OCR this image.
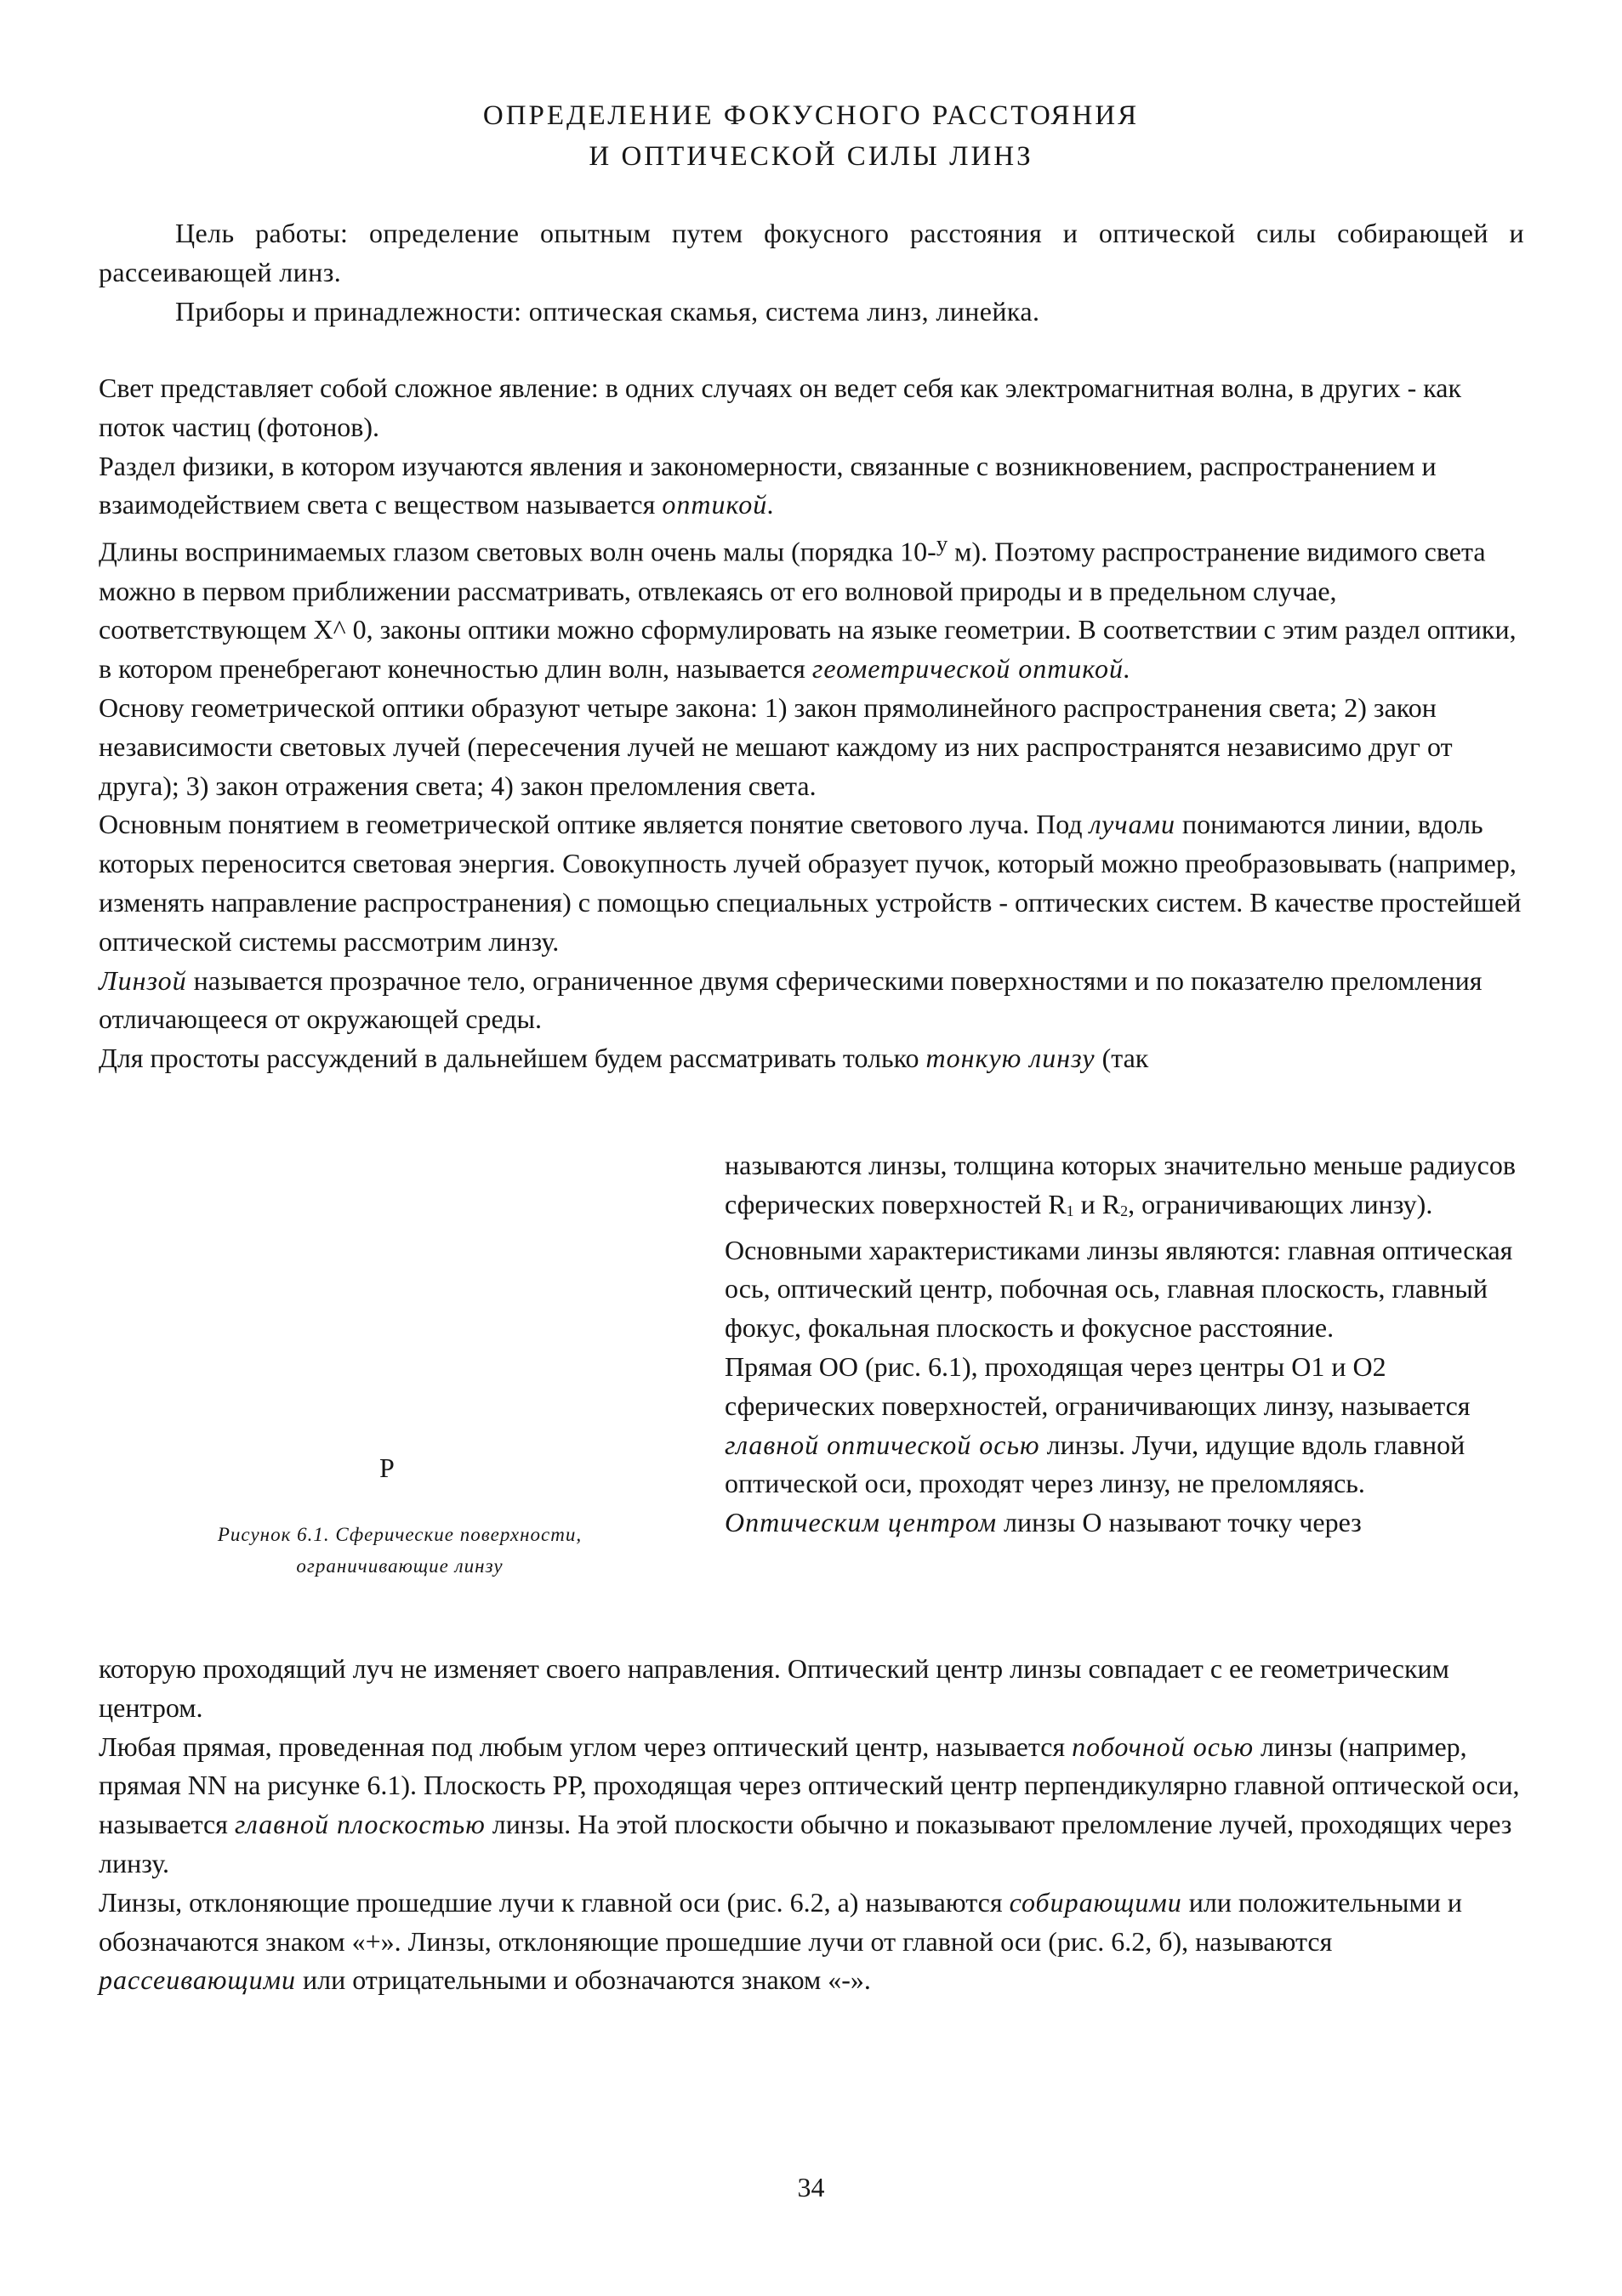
ОПРЕДЕЛЕНИЕ ФОКУСНОГО РАССТОЯНИЯ
И ОПТИЧЕСКОЙ СИЛЫ ЛИНЗ

Цель работы: определение опытным путем фокусного расстояния и оптической силы собирающей и рассеивающей линз.

Приборы и принадлежности: оптическая скамья, система линз, линейка.

Свет представляет собой сложное явление: в одних случаях он ведет себя как электромагнитная волна, в других - как поток частиц (фотонов).

Раздел физики, в котором изучаются явления и закономерности, связанные с возникновением, распространением и взаимодействием света с веществом называется оптикой.

Длины воспринимаемых глазом световых волн очень малы (порядка 10-$^у$ м). Поэтому распространение видимого света можно в первом приближении рассматривать, отвлекаясь от его волновой природы и в предельном случае, соответствующем X^ 0, законы оптики можно сформулировать на языке геометрии. В соответствии с этим раздел оптики, в котором пренебрегают конечностью длин волн, называется геометрической оптикой.

Основу геометрической оптики образуют четыре закона: 1) закон прямолинейного распространения света; 2) закон независимости световых лучей (пересечения лучей не мешают каждому из них распространятся независимо друг от друга); 3) закон отражения света; 4) закон преломления света.

Основным понятием в геометрической оптике является понятие светового луча. Под лучами понимаются линии, вдоль которых переносится световая энергия. Совокупность лучей образует пучок, который можно преобразовывать (например, изменять направление распространения) с помощью специальных устройств - оптических систем. В качестве простейшей оптической системы рассмотрим линзу.

Линзой называется прозрачное тело, ограниченное двумя сферическими поверхностями и по показателю преломления отличающееся от окружающей среды.

Для простоты рассуждений в дальнейшем будем рассматривать только тонкую линзу (так

называются линзы, толщина которых значительно меньше радиусов сферических поверхностей $R_1$ и $R_2$, ограничивающих линзу).

Основными характеристиками линзы являются: главная оптическая ось, оптический центр, побочная ось, главная плоскость, главный фокус, фокальная плоскость и фокусное расстояние.

Прямая ОО (рис. 6.1), проходящая через центры O1 и O2 сферических поверхностей, ограничивающих линзу, называется главной оптической осью линзы. Лучи, идущие вдоль главной оптической оси, проходят через линзу, не преломляясь.

Оптическим центром линзы О называют точку через

P
Рисунок 6.1. Сферические поверхности,
ограничивающие линзу

которую проходящий луч не изменяет своего направления. Оптический центр линзы совпадает с ее геометрическим центром.

Любая прямая, проведенная под любым углом через оптический центр, называется побочной осью линзы (например, прямая NN на рисунке 6.1). Плоскость PP, проходящая через оптический центр перпендикулярно главной оптической оси, называется главной плоскостью линзы. На этой плоскости обычно и показывают преломление лучей, проходящих через линзу.

Линзы, отклоняющие прошедшие лучи к главной оси (рис. 6.2, а) называются собирающими или положительными и обозначаются знаком «+». Линзы, отклоняющие прошедшие лучи от главной оси (рис. 6.2, б), называются рассеивающими или отрицательными и обозначаются знаком «-».

34
